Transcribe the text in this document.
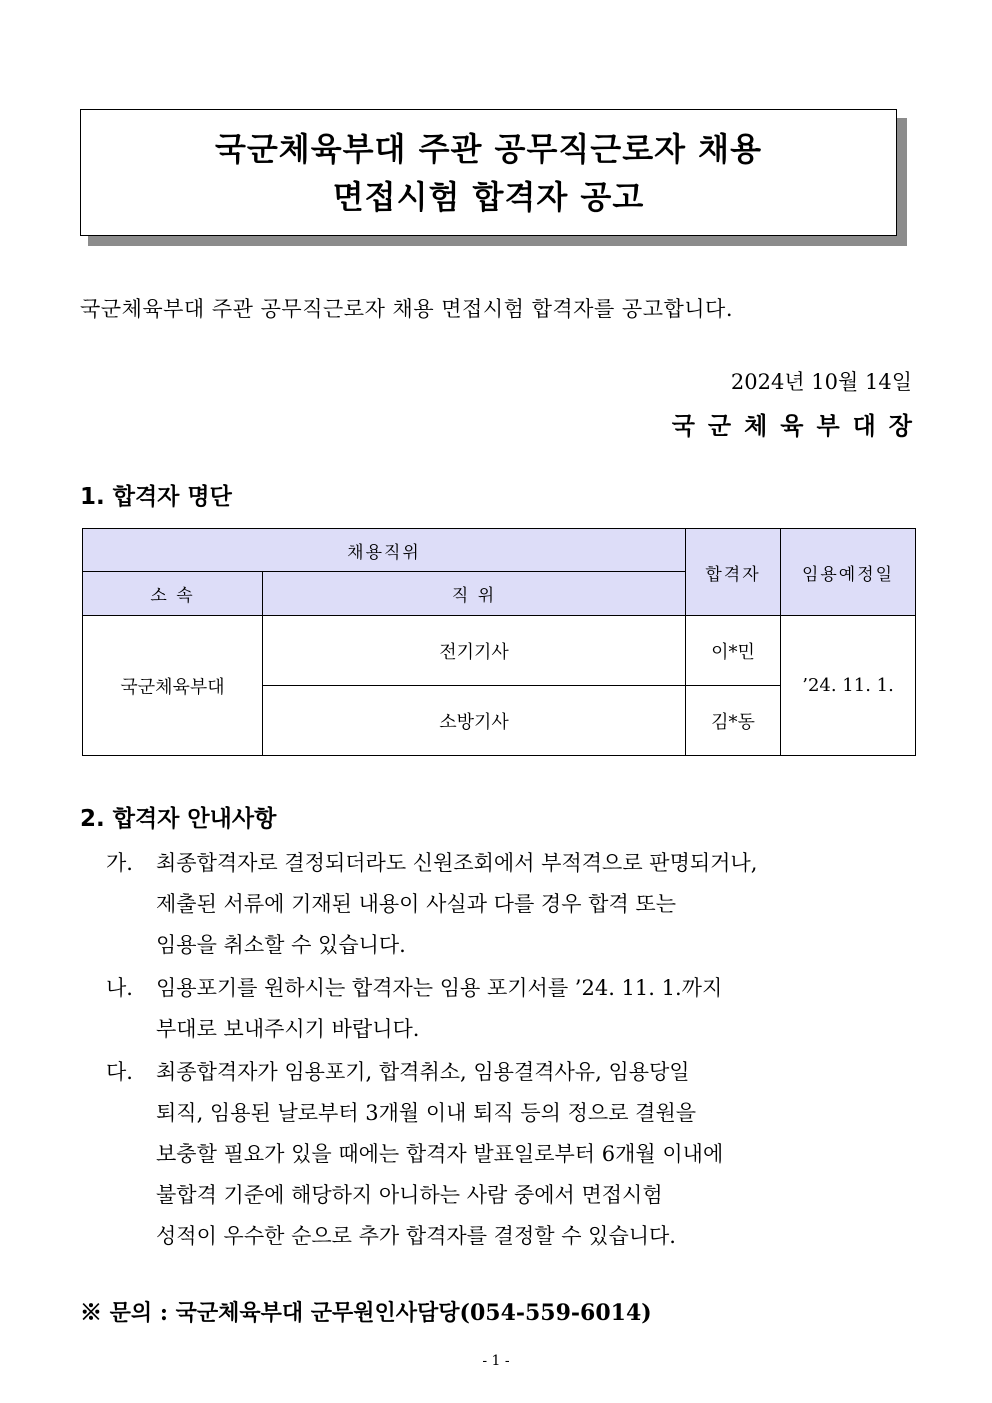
국군체육부대 주관 공무직근로자 채용
면접시험 합격자 공고
국군체육부대 주관 공무직근로자 채용 면접시험 합격자를 공고합니다.
2024년 10월 14일
국군체육부대장
1. 합격자 명단
채용직위		합격자	임용예정일
소 속	직 위		
국군체육부대	전기기사	이*민	’24. 11. 1.
	소방기사	김*동	
2. 합격자 안내사항
가. 최종합격자로 결정되더라도 신원조회에서 부적격으로 판명되거나,
제출된 서류에 기재된 내용이 사실과 다를 경우 합격 또는
임용을 취소할 수 있습니다.
나. 임용포기를 원하시는 합격자는 임용 포기서를 ’24. 11. 1.까지
부대로 보내주시기 바랍니다.
다. 최종합격자가 임용포기, 합격취소, 임용결격사유, 임용당일
퇴직, 임용된 날로부터 3개월 이내 퇴직 등의 정으로 결원을
보충할 필요가 있을 때에는 합격자 발표일로부터 6개월 이내에
불합격 기준에 해당하지 아니하는 사람 중에서 면접시험
성적이 우수한 순으로 추가 합격자를 결정할 수 있습니다.
※ 문의 : 국군체육부대 군무원인사담당(054-559-6014)
- 1 -
